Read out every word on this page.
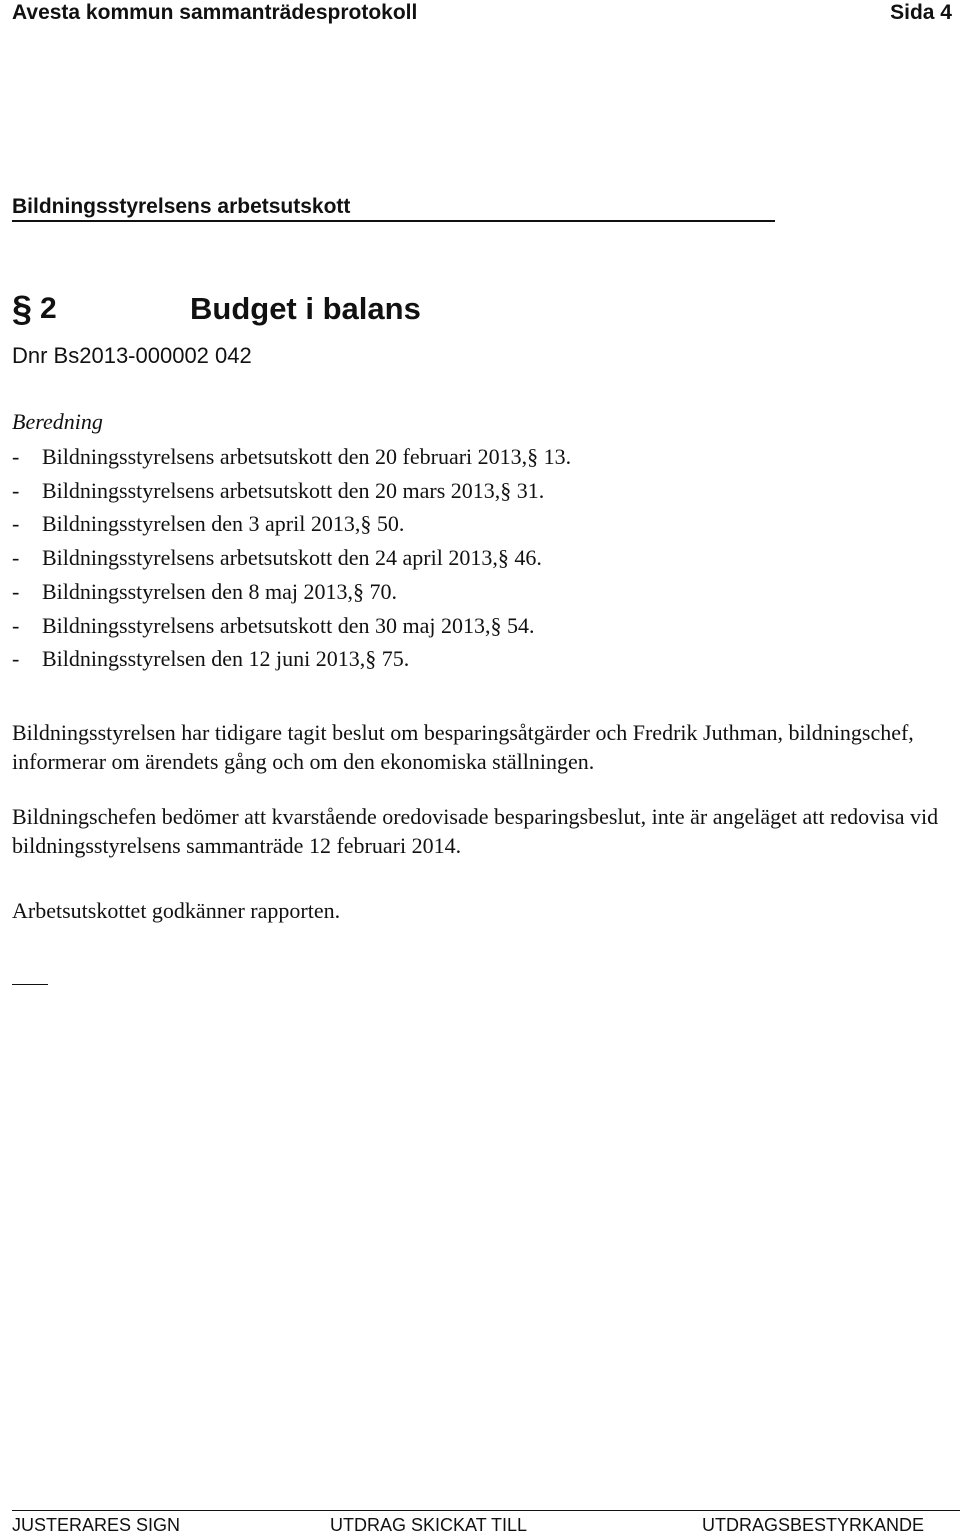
Avesta kommun sammanträdesprotokoll	Sida 4
Bildningsstyrelsens arbetsutskott
§ 2	Budget i balans
Dnr Bs2013-000002 042
Beredning
- Bildningsstyrelsens arbetsutskott den 20 februari 2013,§ 13.
- Bildningsstyrelsens arbetsutskott den 20 mars 2013,§ 31.
- Bildningsstyrelsen den 3 april 2013,§ 50.
- Bildningsstyrelsens arbetsutskott den 24 april 2013,§ 46.
- Bildningsstyrelsen den 8 maj 2013,§ 70.
- Bildningsstyrelsens arbetsutskott den 30 maj 2013,§ 54.
- Bildningsstyrelsen den 12 juni 2013,§ 75.

Bildningsstyrelsen har tidigare tagit beslut om besparingsåtgärder och Fredrik Juthman, bildningschef, informerar om ärendets gång och om den ekonomiska ställningen.

Bildningschefen bedömer att kvarstående oredovisade besparingsbeslut, inte är angeläget att redovisa vid bildningsstyrelsens sammanträde 12 februari 2014.

Arbetsutskottet godkänner rapporten.

JUSTERARES SIGN	UTDRAG SKICKAT TILL	UTDRAGSBESTYRKANDE
